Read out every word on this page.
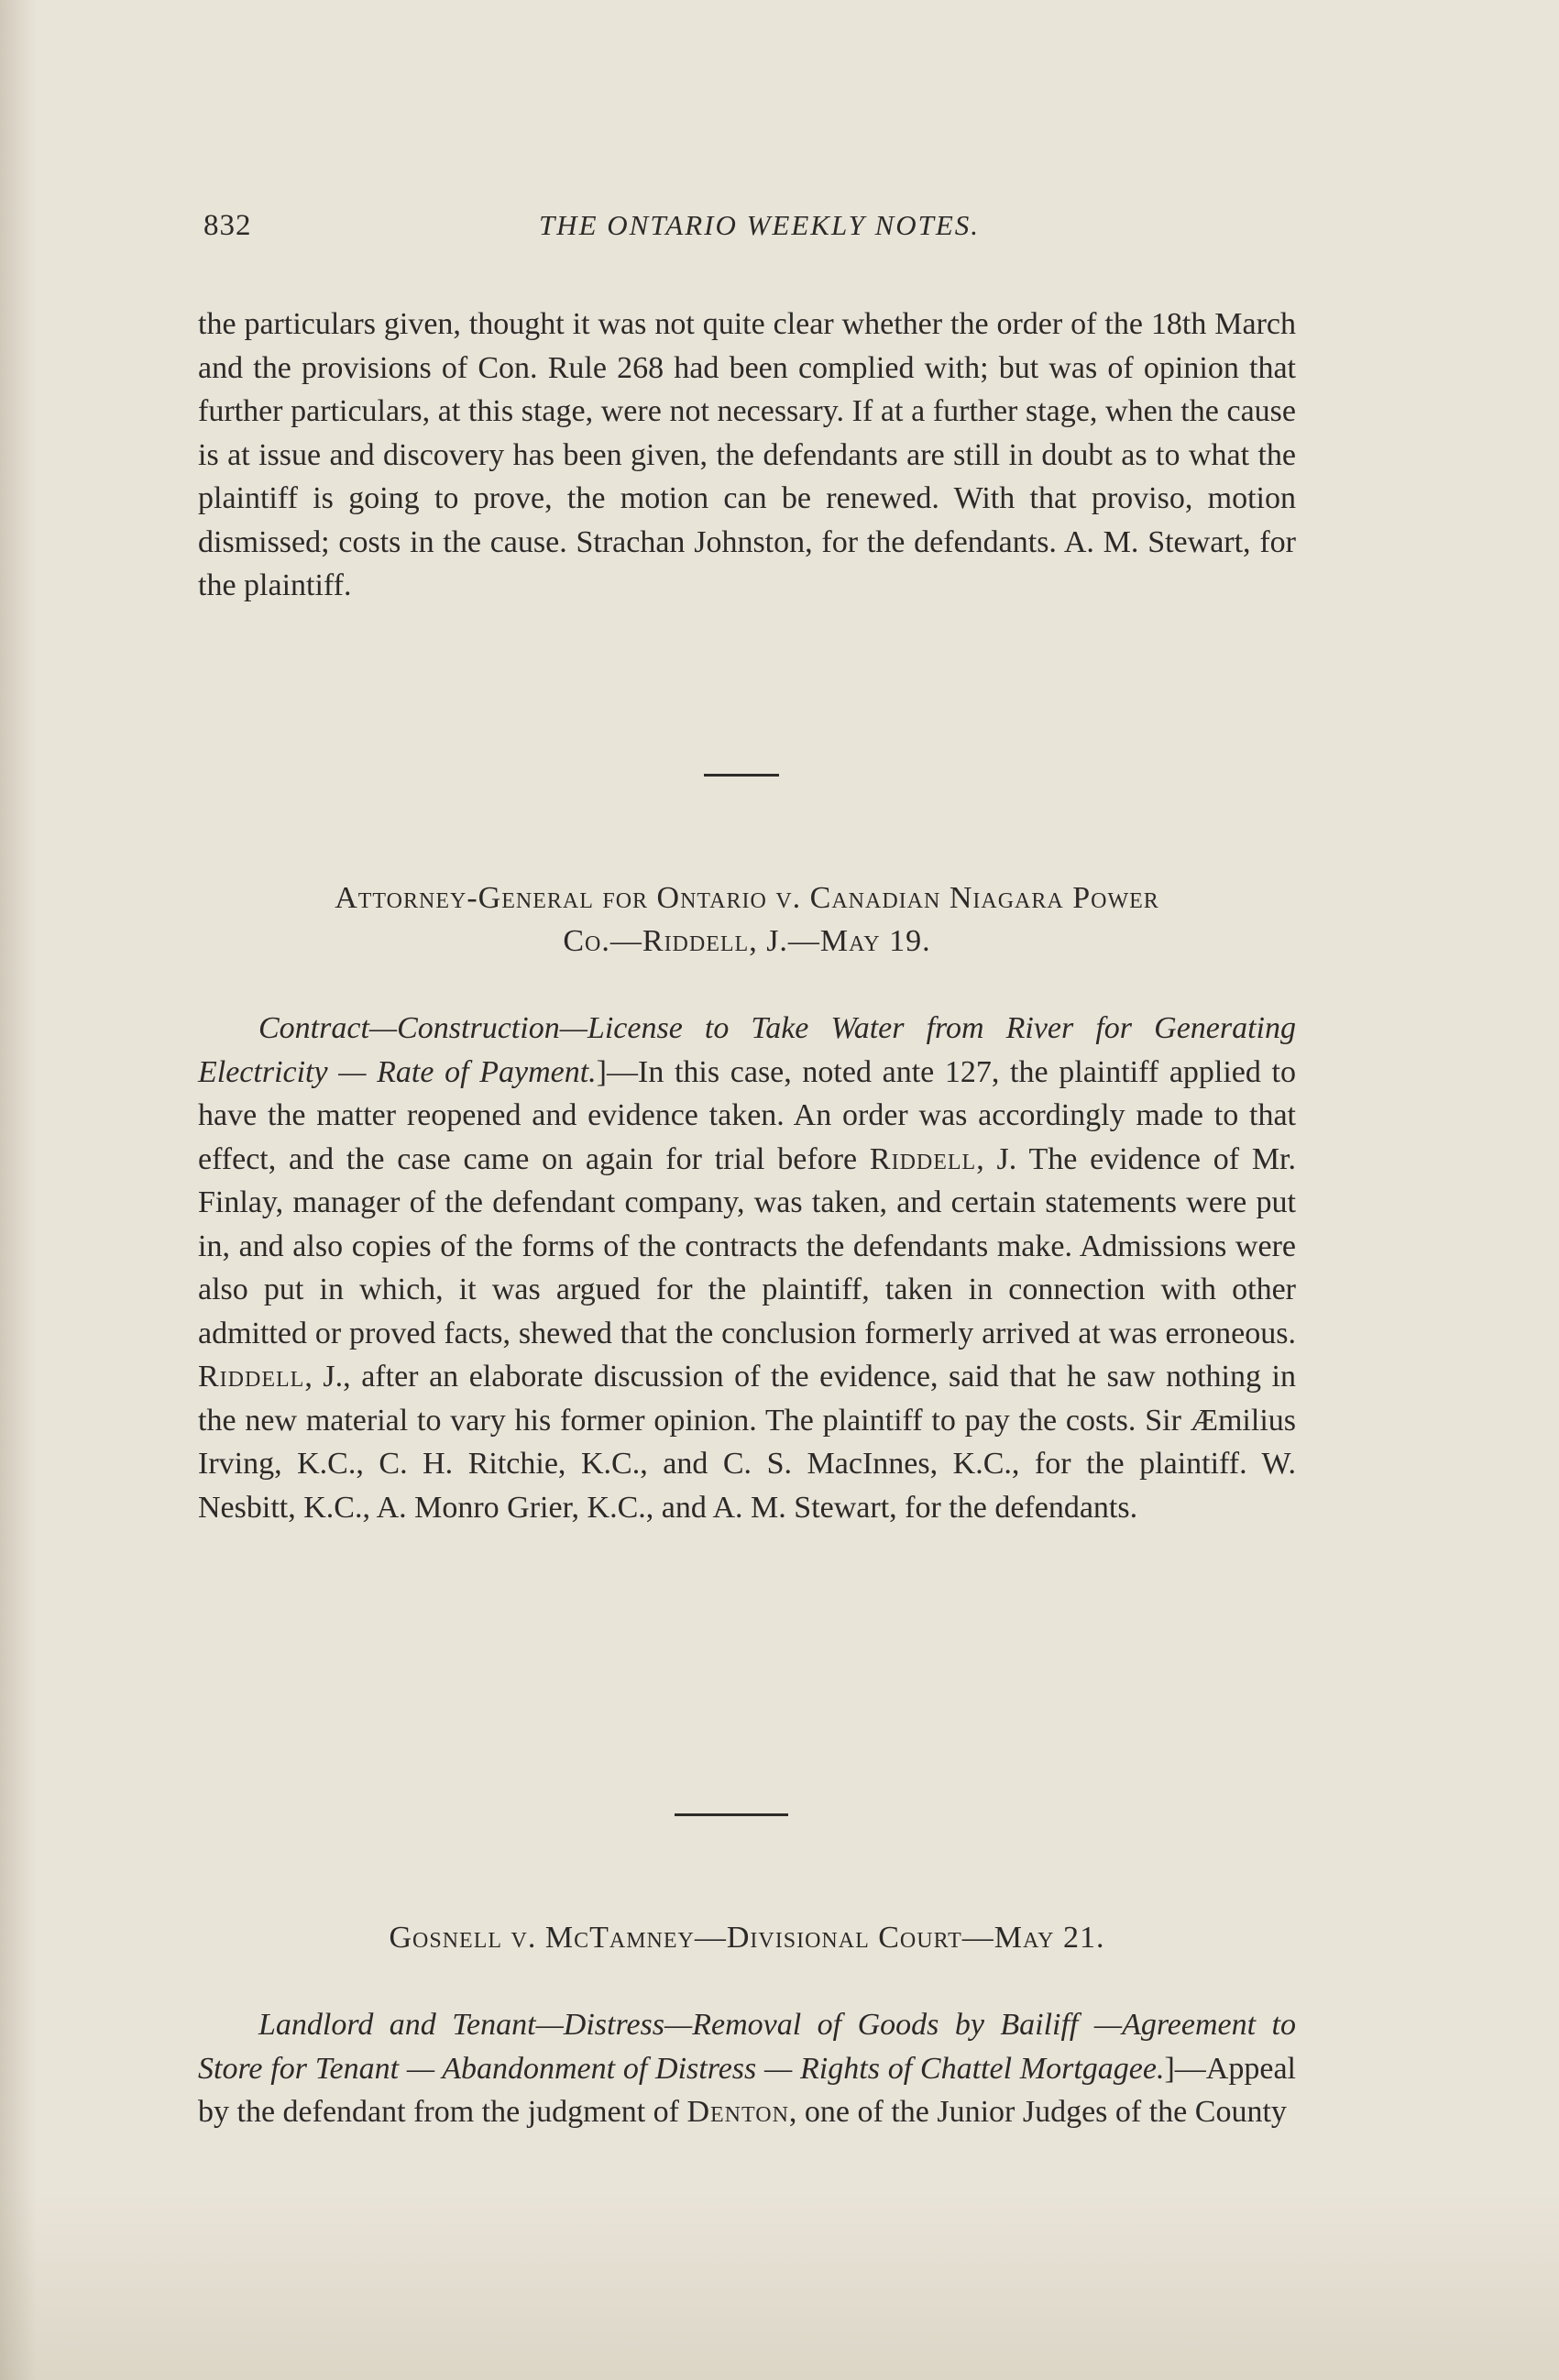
832	THE ONTARIO WEEKLY NOTES.

the particulars given, thought it was not quite clear whether the order of the 18th March and the provisions of Con. Rule 268 had been complied with; but was of opinion that further particulars, at this stage, were not necessary. If at a further stage, when the cause is at issue and discovery has been given, the defendants are still in doubt as to what the plaintiff is going to prove, the motion can be renewed. With that proviso, motion dismissed; costs in the cause. Strachan Johnston, for the defendants. A. M. Stewart, for the plaintiff.

Attorney-General for Ontario v. Canadian Niagara Power
Co.—Riddell, J.—May 19.

Contract—Construction—License to Take Water from River for Generating Electricity — Rate of Payment.]—In this case, noted ante 127, the plaintiff applied to have the matter reopened and evidence taken. An order was accordingly made to that effect, and the case came on again for trial before Riddell, J. The evidence of Mr. Finlay, manager of the defendant company, was taken, and certain statements were put in, and also copies of the forms of the contracts the defendants make. Admissions were also put in which, it was argued for the plaintiff, taken in connection with other admitted or proved facts, shewed that the conclusion formerly arrived at was erroneous. Riddell, J., after an elaborate discussion of the evidence, said that he saw nothing in the new material to vary his former opinion. The plaintiff to pay the costs. Sir Æmilius Irving, K.C., C. H. Ritchie, K.C., and C. S. MacInnes, K.C., for the plaintiff. W. Nesbitt, K.C., A. Monro Grier, K.C., and A. M. Stewart, for the defendants.

Gosnell v. McTamney—Divisional Court—May 21.

Landlord and Tenant—Distress—Removal of Goods by Bailiff —Agreement to Store for Tenant — Abandonment of Distress — Rights of Chattel Mortgagee.]—Appeal by the defendant from the judgment of Denton, one of the Junior Judges of the County
